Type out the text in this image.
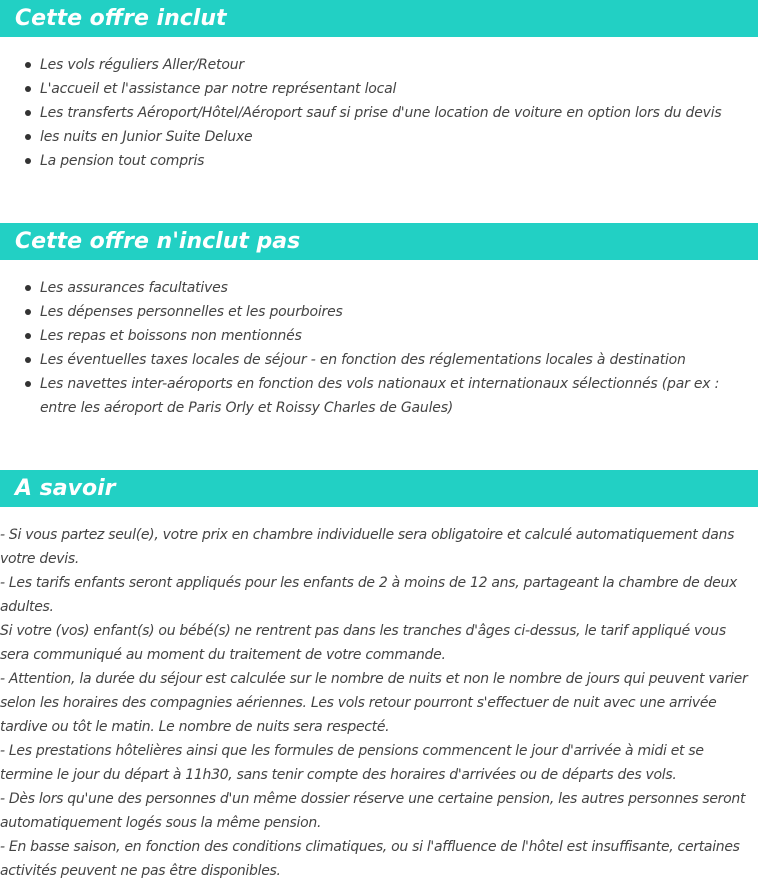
Cette offre inclut
Les vols réguliers Aller/Retour
L'accueil et l'assistance par notre représentant local
Les transferts Aéroport/Hôtel/Aéroport sauf si prise d'une location de voiture en option lors du devis
les nuits en Junior Suite Deluxe
La pension tout compris
Cette offre n'inclut pas
Les assurances facultatives
Les dépenses personnelles et les pourboires
Les repas et boissons non mentionnés
Les éventuelles taxes locales de séjour - en fonction des réglementations locales à destination
Les navettes inter-aéroports en fonction des vols nationaux et internationaux sélectionnés (par ex : entre les aéroport de Paris Orly et Roissy Charles de Gaules)
A savoir

- Si vous partez seul(e), votre prix en chambre individuelle sera obligatoire et calculé automatiquement dans votre devis.

- Les tarifs enfants seront appliqués pour les enfants de 2 à moins de 12 ans, partageant la chambre de deux adultes.

Si votre (vos) enfant(s) ou bébé(s) ne rentrent pas dans les tranches d'âges ci-dessus, le tarif appliqué vous sera communiqué au moment du traitement de votre commande.

- Attention, la durée du séjour est calculée sur le nombre de nuits et non le nombre de jours qui peuvent varier selon les horaires des compagnies aériennes. Les vols retour pourront s'effectuer de nuit avec une arrivée tardive ou tôt le matin. Le nombre de nuits sera respecté.

- Les prestations hôtelières ainsi que les formules de pensions commencent le jour d'arrivée à midi et se termine le jour du départ à 11h30, sans tenir compte des horaires d'arrivées ou de départs des vols.

- Dès lors qu'une des personnes d'un même dossier réserve une certaine pension, les autres personnes seront automatiquement logés sous la même pension.

- En basse saison, en fonction des conditions climatiques, ou si l'affluence de l'hôtel est insuffisante, certaines activités peuvent ne pas être disponibles.
